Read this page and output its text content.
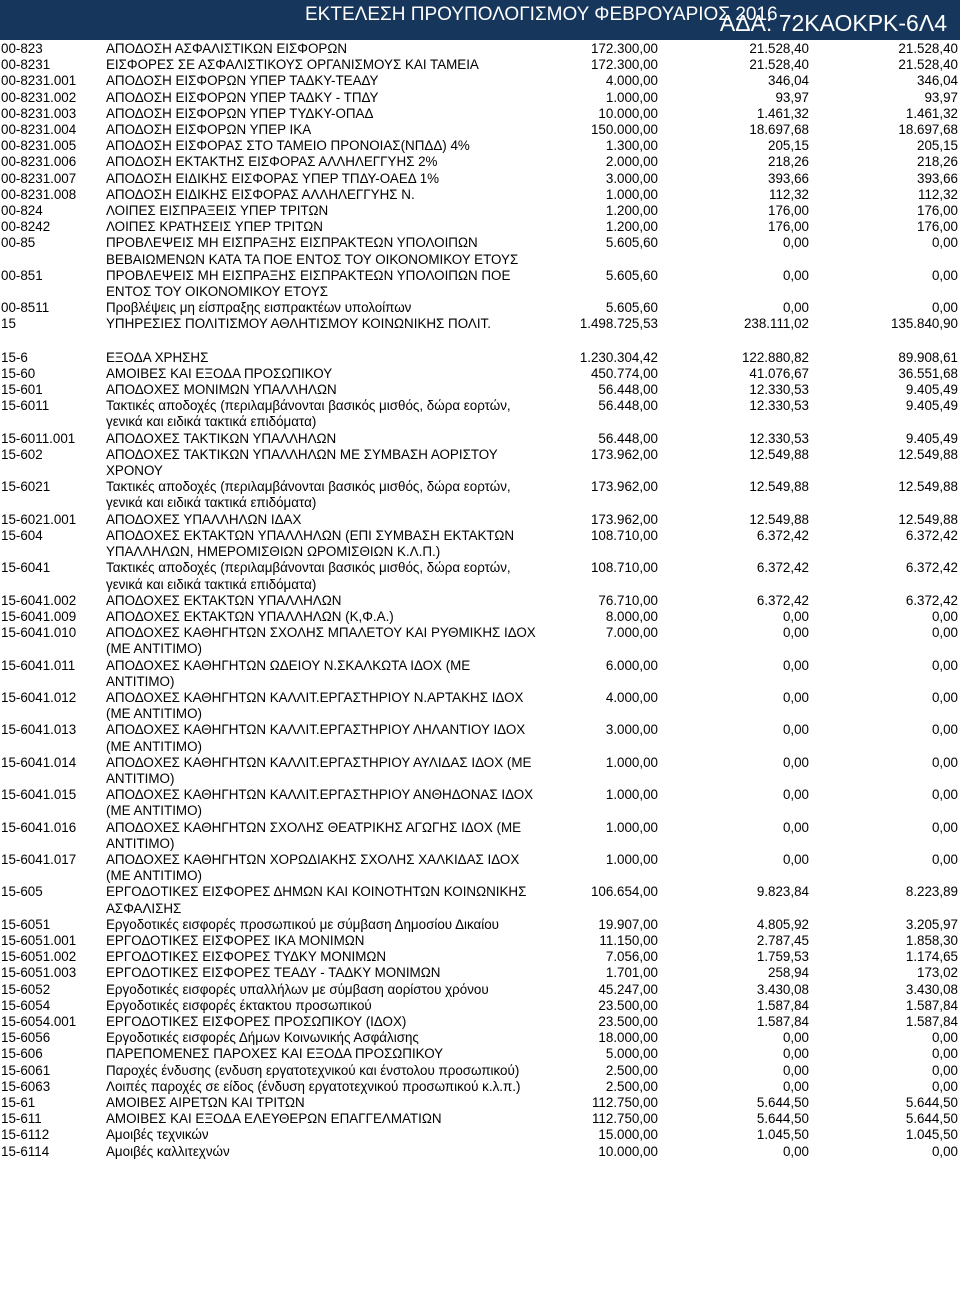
ΕΚΤΕΛΕΣΗ ΠΡΟΥΠΟΛΟΓΙΣΜΟΥ ΦΕΒΡΟΥΑΡΙΟΣ 2016
ΑΔΑ: 72ΚΑΟΚΡΚ-6Λ4
00-823	ΑΠΟΔΟΣΗ ΑΣΦΑΛΙΣΤΙΚΩΝ ΕΙΣΦΟΡΩΝ	172.300,00	21.528,40	21.528,40
00-8231	ΕΙΣΦΟΡΕΣ ΣΕ ΑΣΦΑΛΙΣΤΙΚΟΥΣ ΟΡΓΑΝΙΣΜΟΥΣ ΚΑΙ ΤΑΜΕΙΑ	172.300,00	21.528,40	21.528,40
00-8231.001	ΑΠΟΔΟΣΗ ΕΙΣΦΟΡΩΝ ΥΠΕΡ ΤΑΔΚΥ-ΤΕΑΔΥ	4.000,00	346,04	346,04
00-8231.002	ΑΠΟΔΟΣΗ ΕΙΣΦΟΡΩΝ ΥΠΕΡ ΤΑΔΚΥ - ΤΠΔΥ	1.000,00	93,97	93,97
00-8231.003	ΑΠΟΔΟΣΗ ΕΙΣΦΟΡΩΝ ΥΠΕΡ ΤΥΔΚΥ-ΟΠΑΔ	10.000,00	1.461,32	1.461,32
00-8231.004	ΑΠΟΔΟΣΗ ΕΙΣΦΟΡΩΝ ΥΠΕΡ ΙΚΑ	150.000,00	18.697,68	18.697,68
00-8231.005	ΑΠΟΔΟΣΗ ΕΙΣΦΟΡΑΣ ΣΤΟ ΤΑΜΕΙΟ ΠΡΟΝΟΙΑΣ(ΝΠΔΔ) 4%	1.300,00	205,15	205,15
00-8231.006	ΑΠΟΔΟΣΗ ΕΚΤΑΚΤΗΣ ΕΙΣΦΟΡΑΣ ΑΛΛΗΛΕΓΓΥΗΣ 2%	2.000,00	218,26	218,26
00-8231.007	ΑΠΟΔΟΣΗ ΕΙΔΙΚΗΣ ΕΙΣΦΟΡΑΣ ΥΠΕΡ ΤΠΔΥ-ΟΑΕΔ 1%	3.000,00	393,66	393,66
00-8231.008	ΑΠΟΔΟΣΗ ΕΙΔΙΚΗΣ ΕΙΣΦΟΡΑΣ ΑΛΛΗΛΕΓΓΥΗΣ Ν.	1.000,00	112,32	112,32
00-824	ΛΟΙΠΕΣ ΕΙΣΠΡΑΞΕΙΣ ΥΠΕΡ ΤΡΙΤΩΝ	1.200,00	176,00	176,00
00-8242	ΛΟΙΠΕΣ ΚΡΑΤΗΣΕΙΣ ΥΠΕΡ ΤΡΙΤΩΝ	1.200,00	176,00	176,00
00-85	ΠΡΟΒΛΕΨΕΙΣ ΜΗ ΕΙΣΠΡΑΞΗΣ ΕΙΣΠΡΑΚΤΕΩΝ ΥΠΟΛΟΙΠΩΝ ΒΕΒΑΙΩΜΕΝΩΝ ΚΑΤΑ ΤΑ ΠΟΕ ΕΝΤΟΣ ΤΟΥ ΟΙΚΟΝΟΜΙΚΟΥ ΕΤΟΥΣ	5.605,60	0,00	0,00
00-851	ΠΡΟΒΛΕΨΕΙΣ ΜΗ ΕΙΣΠΡΑΞΗΣ ΕΙΣΠΡΑΚΤΕΩΝ ΥΠΟΛΟΙΠΩΝ ΠΟΕ ΕΝΤΟΣ ΤΟΥ ΟΙΚΟΝΟΜΙΚΟΥ ΕΤΟΥΣ	5.605,60	0,00	0,00
00-8511	Προβλέψεις μη είσπραξης εισπρακτέων υπολοίπων	5.605,60	0,00	0,00
15	ΥΠΗΡΕΣΙΕΣ ΠΟΛΙΤΙΣΜΟΥ ΑΘΛΗΤΙΣΜΟΥ ΚΟΙΝΩΝΙΚΗΣ ΠΟΛΙΤ.	1.498.725,53	238.111,02	135.840,90
15-6	ΕΞΟΔΑ ΧΡΗΣΗΣ	1.230.304,42	122.880,82	89.908,61
15-60	ΑΜΟΙΒΕΣ ΚΑΙ ΕΞΟΔΑ ΠΡΟΣΩΠΙΚΟΥ	450.774,00	41.076,67	36.551,68
15-601	ΑΠΟΔΟΧΕΣ ΜΟΝΙΜΩΝ ΥΠΑΛΛΗΛΩΝ	56.448,00	12.330,53	9.405,49
15-6011	Τακτικές αποδοχές (περιλαμβάνονται βασικός μισθός, δώρα εορτών, γενικά και ειδικά τακτικά επιδόματα)	56.448,00	12.330,53	9.405,49
15-6011.001	ΑΠΟΔΟΧΕΣ ΤΑΚΤΙΚΩΝ ΥΠΑΛΛΗΛΩΝ	56.448,00	12.330,53	9.405,49
15-602	ΑΠΟΔΟΧΕΣ ΤΑΚΤΙΚΩΝ ΥΠΑΛΛΗΛΩΝ ΜΕ ΣΥΜΒΑΣΗ ΑΟΡΙΣΤΟΥ ΧΡΟΝΟΥ	173.962,00	12.549,88	12.549,88
15-6021	Τακτικές αποδοχές (περιλαμβάνονται βασικός μισθός, δώρα εορτών, γενικά και ειδικά τακτικά επιδόματα)	173.962,00	12.549,88	12.549,88
15-6021.001	ΑΠΟΔΟΧΕΣ ΥΠΑΛΛΗΛΩΝ ΙΔΑΧ	173.962,00	12.549,88	12.549,88
15-604	ΑΠΟΔΟΧΕΣ ΕΚΤΑΚΤΩΝ ΥΠΑΛΛΗΛΩΝ (ΕΠΙ ΣΥΜΒΑΣΗ ΕΚΤΑΚΤΩΝ ΥΠΑΛΛΗΛΩΝ, ΗΜΕΡΟΜΙΣΘΙΩΝ ΩΡΟΜΙΣΘΙΩΝ Κ.Λ.Π.)	108.710,00	6.372,42	6.372,42
15-6041	Τακτικές αποδοχές (περιλαμβάνονται βασικός μισθός, δώρα εορτών, γενικά και ειδικά τακτικά επιδόματα)	108.710,00	6.372,42	6.372,42
15-6041.002	ΑΠΟΔΟΧΕΣ ΕΚΤΑΚΤΩΝ ΥΠΑΛΛΗΛΩΝ	76.710,00	6.372,42	6.372,42
15-6041.009	ΑΠΟΔΟΧΕΣ ΕΚΤΑΚΤΩΝ ΥΠΑΛΛΗΛΩΝ (Κ,Φ.Α.)	8.000,00	0,00	0,00
15-6041.010	ΑΠΟΔΟΧΕΣ ΚΑΘΗΓΗΤΩΝ ΣΧΟΛΗΣ ΜΠΑΛΕΤΟΥ ΚΑΙ ΡΥΘΜΙΚΗΣ ΙΔΟΧ (ΜΕ ΑΝΤΙΤΙΜΟ)	7.000,00	0,00	0,00
15-6041.011	ΑΠΟΔΟΧΕΣ ΚΑΘΗΓΗΤΩΝ ΩΔΕΙΟΥ Ν.ΣΚΑΛΚΩΤΑ ΙΔΟΧ (ΜΕ ΑΝΤΙΤΙΜΟ)	6.000,00	0,00	0,00
15-6041.012	ΑΠΟΔΟΧΕΣ ΚΑΘΗΓΗΤΩΝ ΚΑΛΛΙΤ.ΕΡΓΑΣΤΗΡΙΟΥ Ν.ΑΡΤΑΚΗΣ ΙΔΟΧ (ΜΕ ΑΝΤΙΤΙΜΟ)	4.000,00	0,00	0,00
15-6041.013	ΑΠΟΔΟΧΕΣ ΚΑΘΗΓΗΤΩΝ ΚΑΛΛΙΤ.ΕΡΓΑΣΤΗΡΙΟΥ ΛΗΛΑΝΤΙΟΥ ΙΔΟΧ (ΜΕ ΑΝΤΙΤΙΜΟ)	3.000,00	0,00	0,00
15-6041.014	ΑΠΟΔΟΧΕΣ ΚΑΘΗΓΗΤΩΝ ΚΑΛΛΙΤ.ΕΡΓΑΣΤΗΡΙΟΥ ΑΥΛΙΔΑΣ ΙΔΟΧ (ΜΕ ΑΝΤΙΤΙΜΟ)	1.000,00	0,00	0,00
15-6041.015	ΑΠΟΔΟΧΕΣ ΚΑΘΗΓΗΤΩΝ ΚΑΛΛΙΤ.ΕΡΓΑΣΤΗΡΙΟΥ ΑΝΘΗΔΟΝΑΣ ΙΔΟΧ (ΜΕ ΑΝΤΙΤΙΜΟ)	1.000,00	0,00	0,00
15-6041.016	ΑΠΟΔΟΧΕΣ ΚΑΘΗΓΗΤΩΝ ΣΧΟΛΗΣ ΘΕΑΤΡΙΚΗΣ ΑΓΩΓΗΣ ΙΔΟΧ (ΜΕ ΑΝΤΙΤΙΜΟ)	1.000,00	0,00	0,00
15-6041.017	ΑΠΟΔΟΧΕΣ ΚΑΘΗΓΗΤΩΝ ΧΟΡΩΔΙΑΚΗΣ ΣΧΟΛΗΣ ΧΑΛΚΙΔΑΣ ΙΔΟΧ (ΜΕ ΑΝΤΙΤΙΜΟ)	1.000,00	0,00	0,00
15-605	ΕΡΓΟΔΟΤΙΚΕΣ ΕΙΣΦΟΡΕΣ ΔΗΜΩΝ ΚΑΙ ΚΟΙΝΟΤΗΤΩΝ ΚΟΙΝΩΝΙΚΗΣ ΑΣΦΑΛΙΣΗΣ	106.654,00	9.823,84	8.223,89
15-6051	Εργοδοτικές εισφορές προσωπικού με σύμβαση Δημοσίου Δικαίου	19.907,00	4.805,92	3.205,97
15-6051.001	ΕΡΓΟΔΟΤΙΚΕΣ ΕΙΣΦΟΡΕΣ ΙΚΑ ΜΟΝΙΜΩΝ	11.150,00	2.787,45	1.858,30
15-6051.002	ΕΡΓΟΔΟΤΙΚΕΣ ΕΙΣΦΟΡΕΣ ΤΥΔΚΥ ΜΟΝΙΜΩΝ	7.056,00	1.759,53	1.174,65
15-6051.003	ΕΡΓΟΔΟΤΙΚΕΣ ΕΙΣΦΟΡΕΣ ΤΕΑΔΥ - ΤΑΔΚΥ ΜΟΝΙΜΩΝ	1.701,00	258,94	173,02
15-6052	Εργοδοτικές εισφορές υπαλλήλων με σύμβαση αορίστου χρόνου	45.247,00	3.430,08	3.430,08
15-6054	Εργοδοτικές εισφορές έκτακτου προσωπικού	23.500,00	1.587,84	1.587,84
15-6054.001	ΕΡΓΟΔΟΤΙΚΕΣ ΕΙΣΦΟΡΕΣ ΠΡΟΣΩΠΙΚΟΥ (ΙΔΟΧ)	23.500,00	1.587,84	1.587,84
15-6056	Εργοδοτικές εισφορές Δήμων Κοινωνικής Ασφάλισης	18.000,00	0,00	0,00
15-606	ΠΑΡΕΠΟΜΕΝΕΣ ΠΑΡΟΧΕΣ ΚΑΙ ΕΞΟΔΑ ΠΡΟΣΩΠΙΚΟΥ	5.000,00	0,00	0,00
15-6061	Παροχές ένδυσης (ενδυση εργατοτεχνικού και ένστολου προσωπικού)	2.500,00	0,00	0,00
15-6063	Λοιπές παροχές σε είδος (ένδυση εργατοτεχνικού προσωπικού κ.λ.π.)	2.500,00	0,00	0,00
15-61	ΑΜΟΙΒΕΣ ΑΙΡΕΤΩΝ ΚΑΙ ΤΡΙΤΩΝ	112.750,00	5.644,50	5.644,50
15-611	ΑΜΟΙΒΕΣ ΚΑΙ ΕΞΟΔΑ ΕΛΕΥΘΕΡΩΝ ΕΠΑΓΓΕΛΜΑΤΙΩΝ	112.750,00	5.644,50	5.644,50
15-6112	Αμοιβές τεχνικών	15.000,00	1.045,50	1.045,50
15-6114	Αμοιβές καλλιτεχνών	10.000,00	0,00	0,00
